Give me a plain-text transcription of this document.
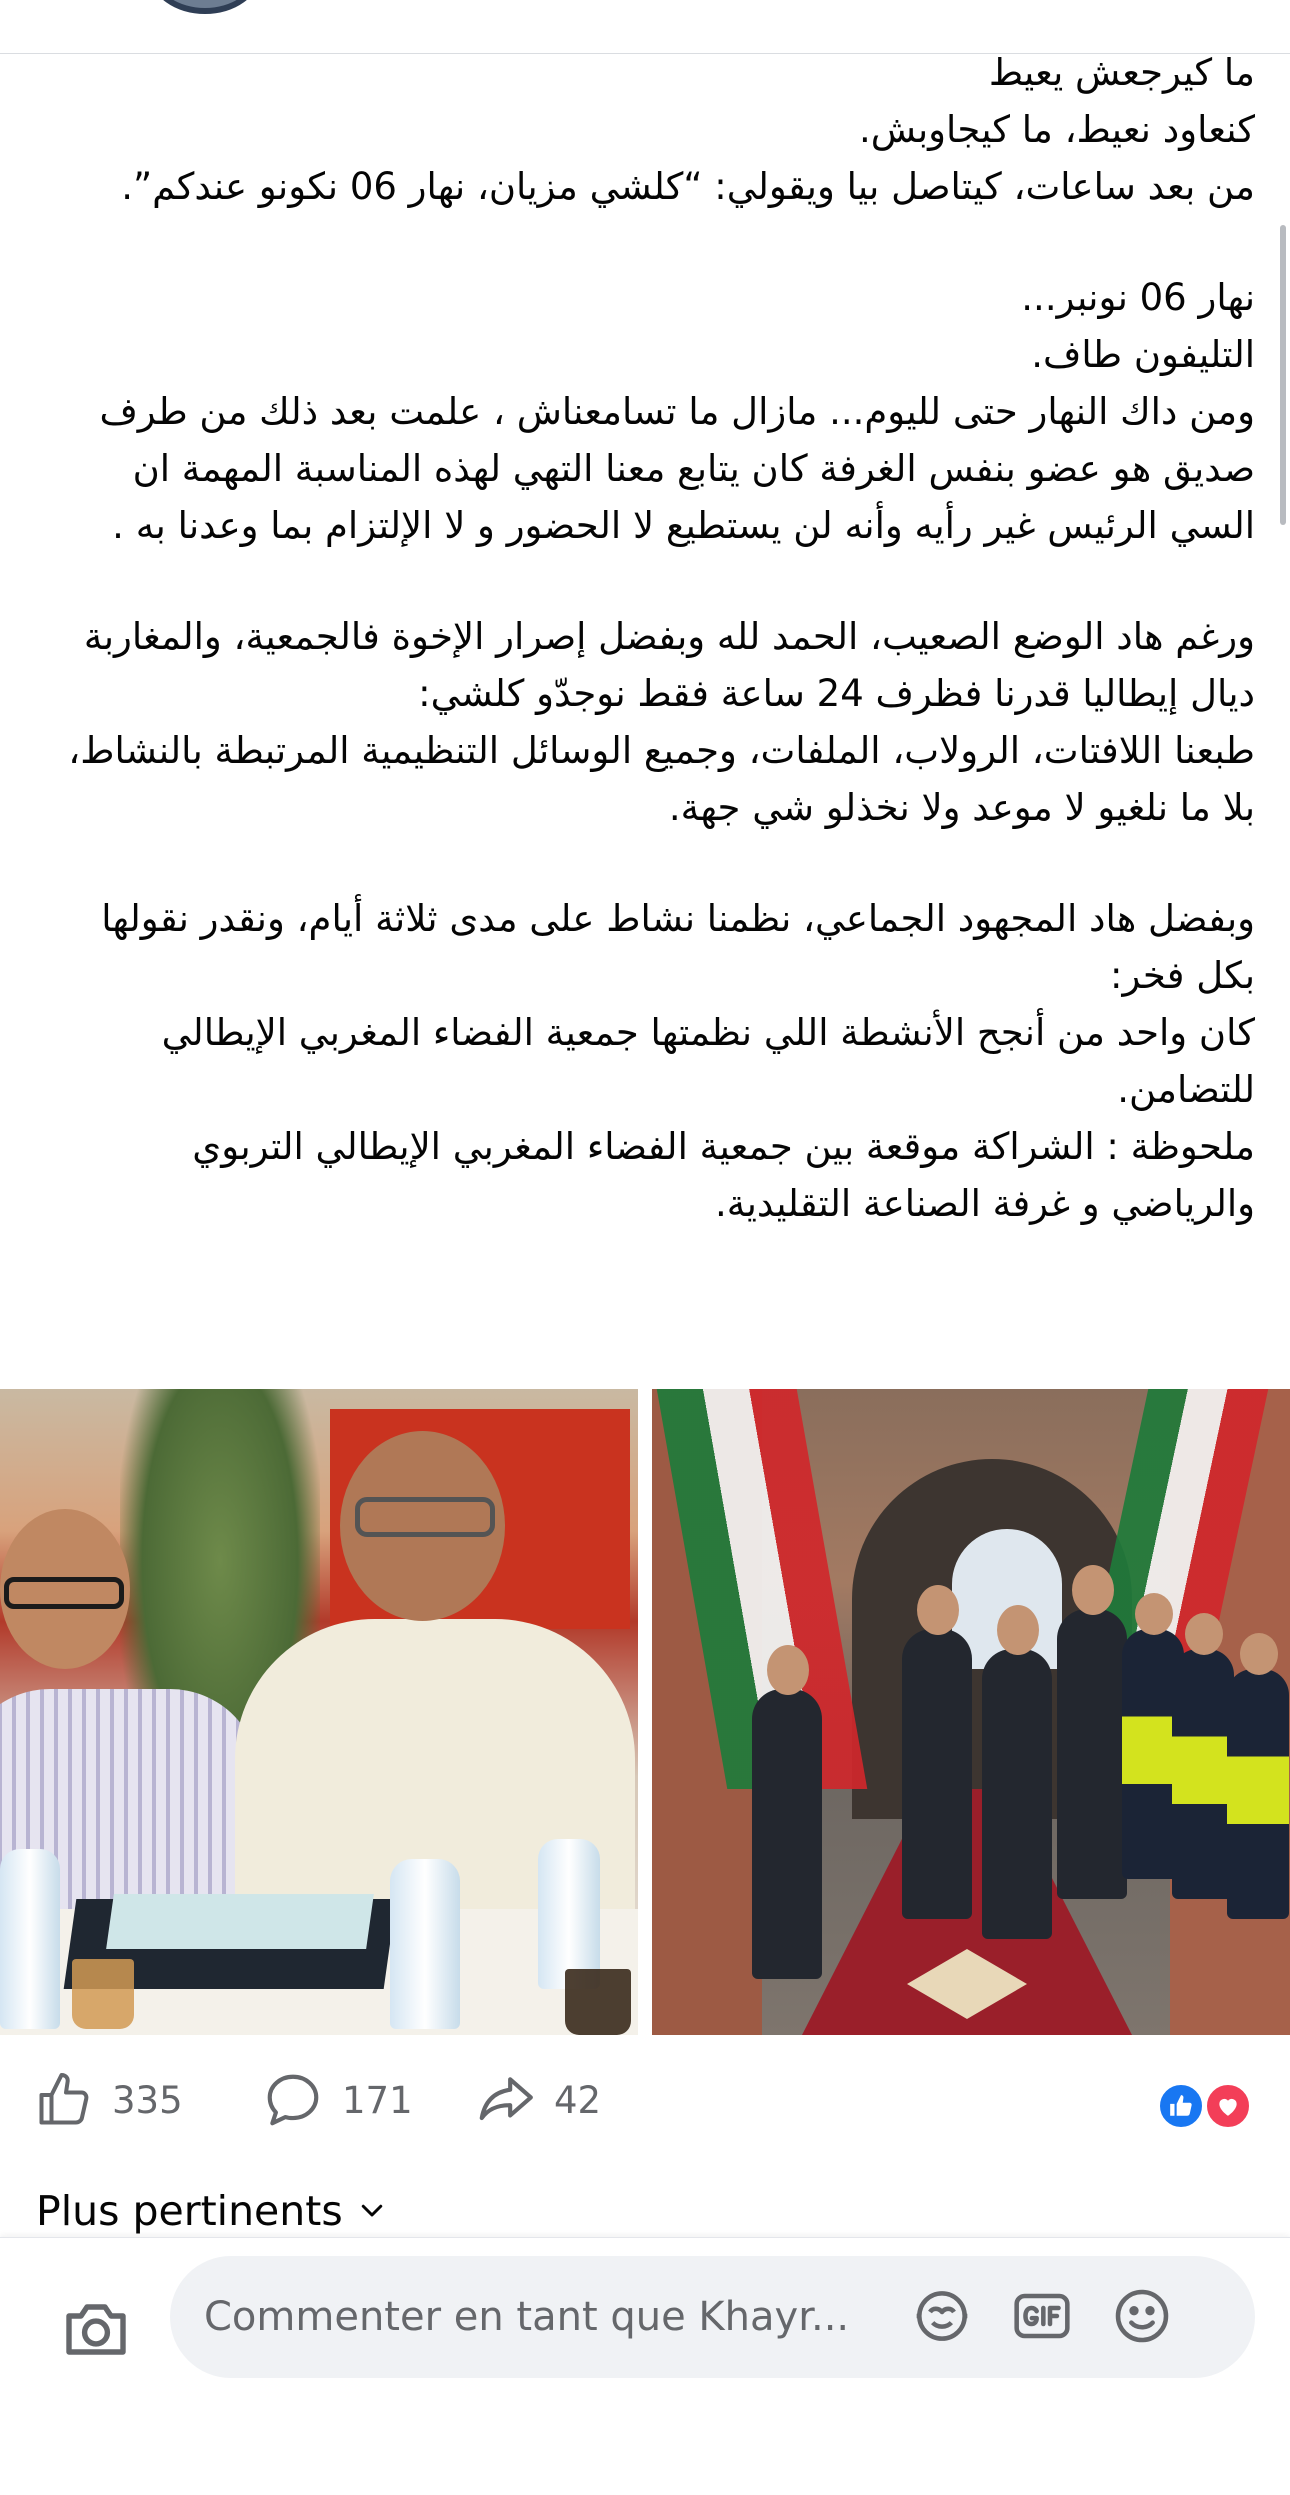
ما كيرجعش يعيط
كنعاود نعيط، ما كيجاوبش.
من بعد ساعات، كيتاصل بيا ويقولي: “كلشي مزيان، نهار 06 نكونو عندكم”.
نهار 06 نونبر...
التليفون طاف.
ومن داك النهار حتى لليوم... مازال ما تسامعناش ، علمت بعد ذلك من طرف صديق هو عضو بنفس الغرفة كان يتابع معنا التهي لهذه المناسبة المهمة ان السي الرئيس غير رأيه وأنه لن يستطيع لا الحضور و لا الإلتزام بما وعدنا به .
ورغم هاد الوضع الصعيب، الحمد لله وبفضل إصرار الإخوة فالجمعية، والمغاربة ديال إيطاليا قدرنا فظرف 24 ساعة فقط نوجدّو كلشي:
طبعنا اللافتات، الرولاب، الملفات، وجميع الوسائل التنظيمية المرتبطة بالنشاط، بلا ما نلغيو لا موعد ولا نخذلو شي جهة.
وبفضل هاد المجهود الجماعي، نظمنا نشاط على مدى ثلاثة أيام، ونقدر نقولها بكل فخر:
كان واحد من أنجح الأنشطة اللي نظمتها جمعية الفضاء المغربي الإيطالي للتضامن.
ملحوظة : الشراكة موقعة بين جمعية الفضاء المغربي الإيطالي التربوي والرياضي و غرفة الصناعة التقليدية.
335	171	42
Plus pertinents
Commenter en tant que Khayr...
